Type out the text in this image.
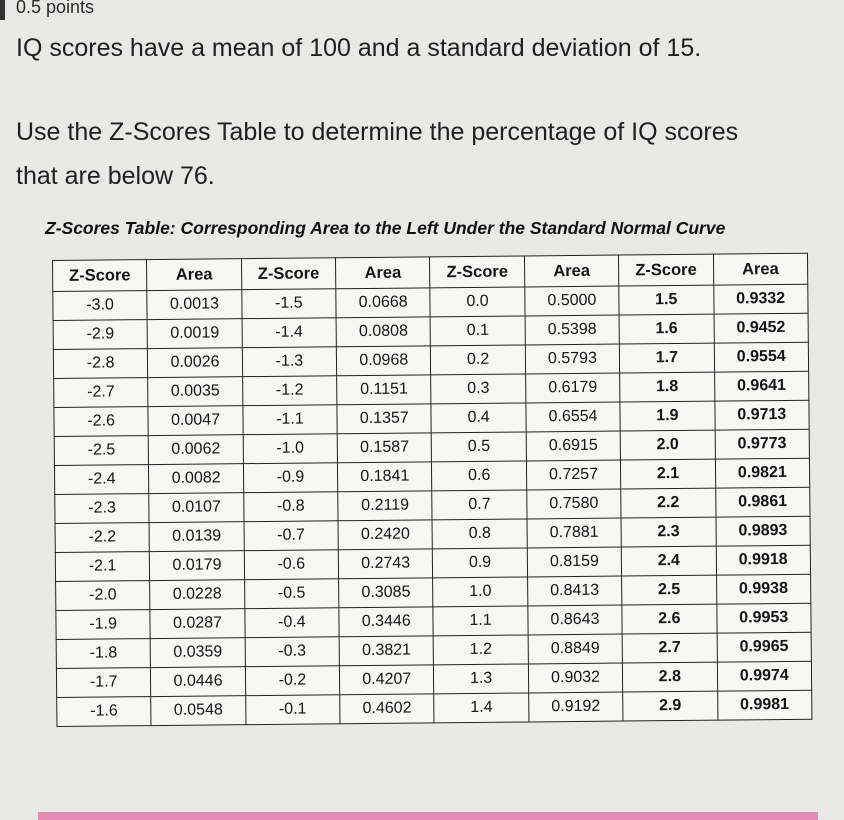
0.5 points

IQ scores have a mean of 100 and a standard deviation of 15.

Use the Z-Scores Table to determine the percentage of IQ scores

that are below 76.

Z-Scores Table: Corresponding Area to the Left Under the Standard Normal Curve
Z-Score	Area	Z-Score	Area	Z-Score	Area	Z-Score	Area
-3.0	0.0013	-1.5	0.0668	0.0	0.5000	1.5	0.9332
-2.9	0.0019	-1.4	0.0808	0.1	0.5398	1.6	0.9452
-2.8	0.0026	-1.3	0.0968	0.2	0.5793	1.7	0.9554
-2.7	0.0035	-1.2	0.1151	0.3	0.6179	1.8	0.9641
-2.6	0.0047	-1.1	0.1357	0.4	0.6554	1.9	0.9713
-2.5	0.0062	-1.0	0.1587	0.5	0.6915	2.0	0.9773
-2.4	0.0082	-0.9	0.1841	0.6	0.7257	2.1	0.9821
-2.3	0.0107	-0.8	0.2119	0.7	0.7580	2.2	0.9861
-2.2	0.0139	-0.7	0.2420	0.8	0.7881	2.3	0.9893
-2.1	0.0179	-0.6	0.2743	0.9	0.8159	2.4	0.9918
-2.0	0.0228	-0.5	0.3085	1.0	0.8413	2.5	0.9938
-1.9	0.0287	-0.4	0.3446	1.1	0.8643	2.6	0.9953
-1.8	0.0359	-0.3	0.3821	1.2	0.8849	2.7	0.9965
-1.7	0.0446	-0.2	0.4207	1.3	0.9032	2.8	0.9974
-1.6	0.0548	-0.1	0.4602	1.4	0.9192	2.9	0.9981
